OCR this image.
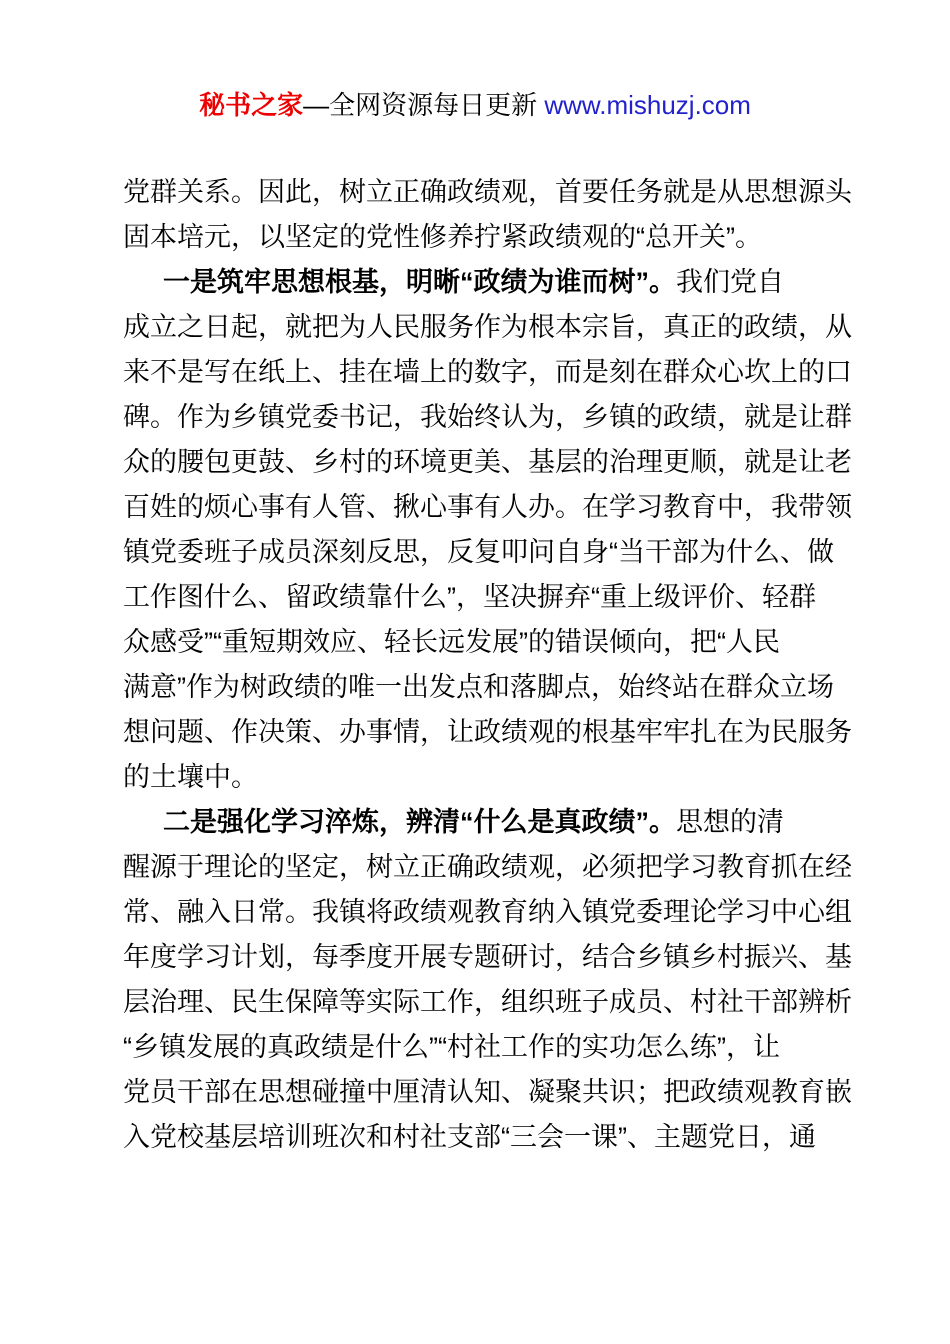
秘书之家—全网资源每日更新 www.mishuzj.com
党群关系。因此，树立正确政绩观，首要任务就是从思想源头
固本培元，以坚定的党性修养拧紧政绩观的“总开关”。
一是筑牢思想根基，明晰“政绩为谁而树”。我们党自
成立之日起，就把为人民服务作为根本宗旨，真正的政绩，从
来不是写在纸上、挂在墙上的数字，而是刻在群众心坎上的口
碑。作为乡镇党委书记，我始终认为，乡镇的政绩，就是让群
众的腰包更鼓、乡村的环境更美、基层的治理更顺，就是让老
百姓的烦心事有人管、揪心事有人办。在学习教育中，我带领
镇党委班子成员深刻反思，反复叩问自身“当干部为什么、做
工作图什么、留政绩靠什么”，坚决摒弃“重上级评价、轻群
众感受”“重短期效应、轻长远发展”的错误倾向，把“人民
满意”作为树政绩的唯一出发点和落脚点，始终站在群众立场
想问题、作决策、办事情，让政绩观的根基牢牢扎在为民服务
的土壤中。
二是强化学习淬炼，辨清“什么是真政绩”。思想的清
醒源于理论的坚定，树立正确政绩观，必须把学习教育抓在经
常、融入日常。我镇将政绩观教育纳入镇党委理论学习中心组
年度学习计划，每季度开展专题研讨，结合乡镇乡村振兴、基
层治理、民生保障等实际工作，组织班子成员、村社干部辨析
“乡镇发展的真政绩是什么”“村社工作的实功怎么练”，让
党员干部在思想碰撞中厘清认知、凝聚共识；把政绩观教育嵌
入党校基层培训班次和村社支部“三会一课”、主题党日，通
